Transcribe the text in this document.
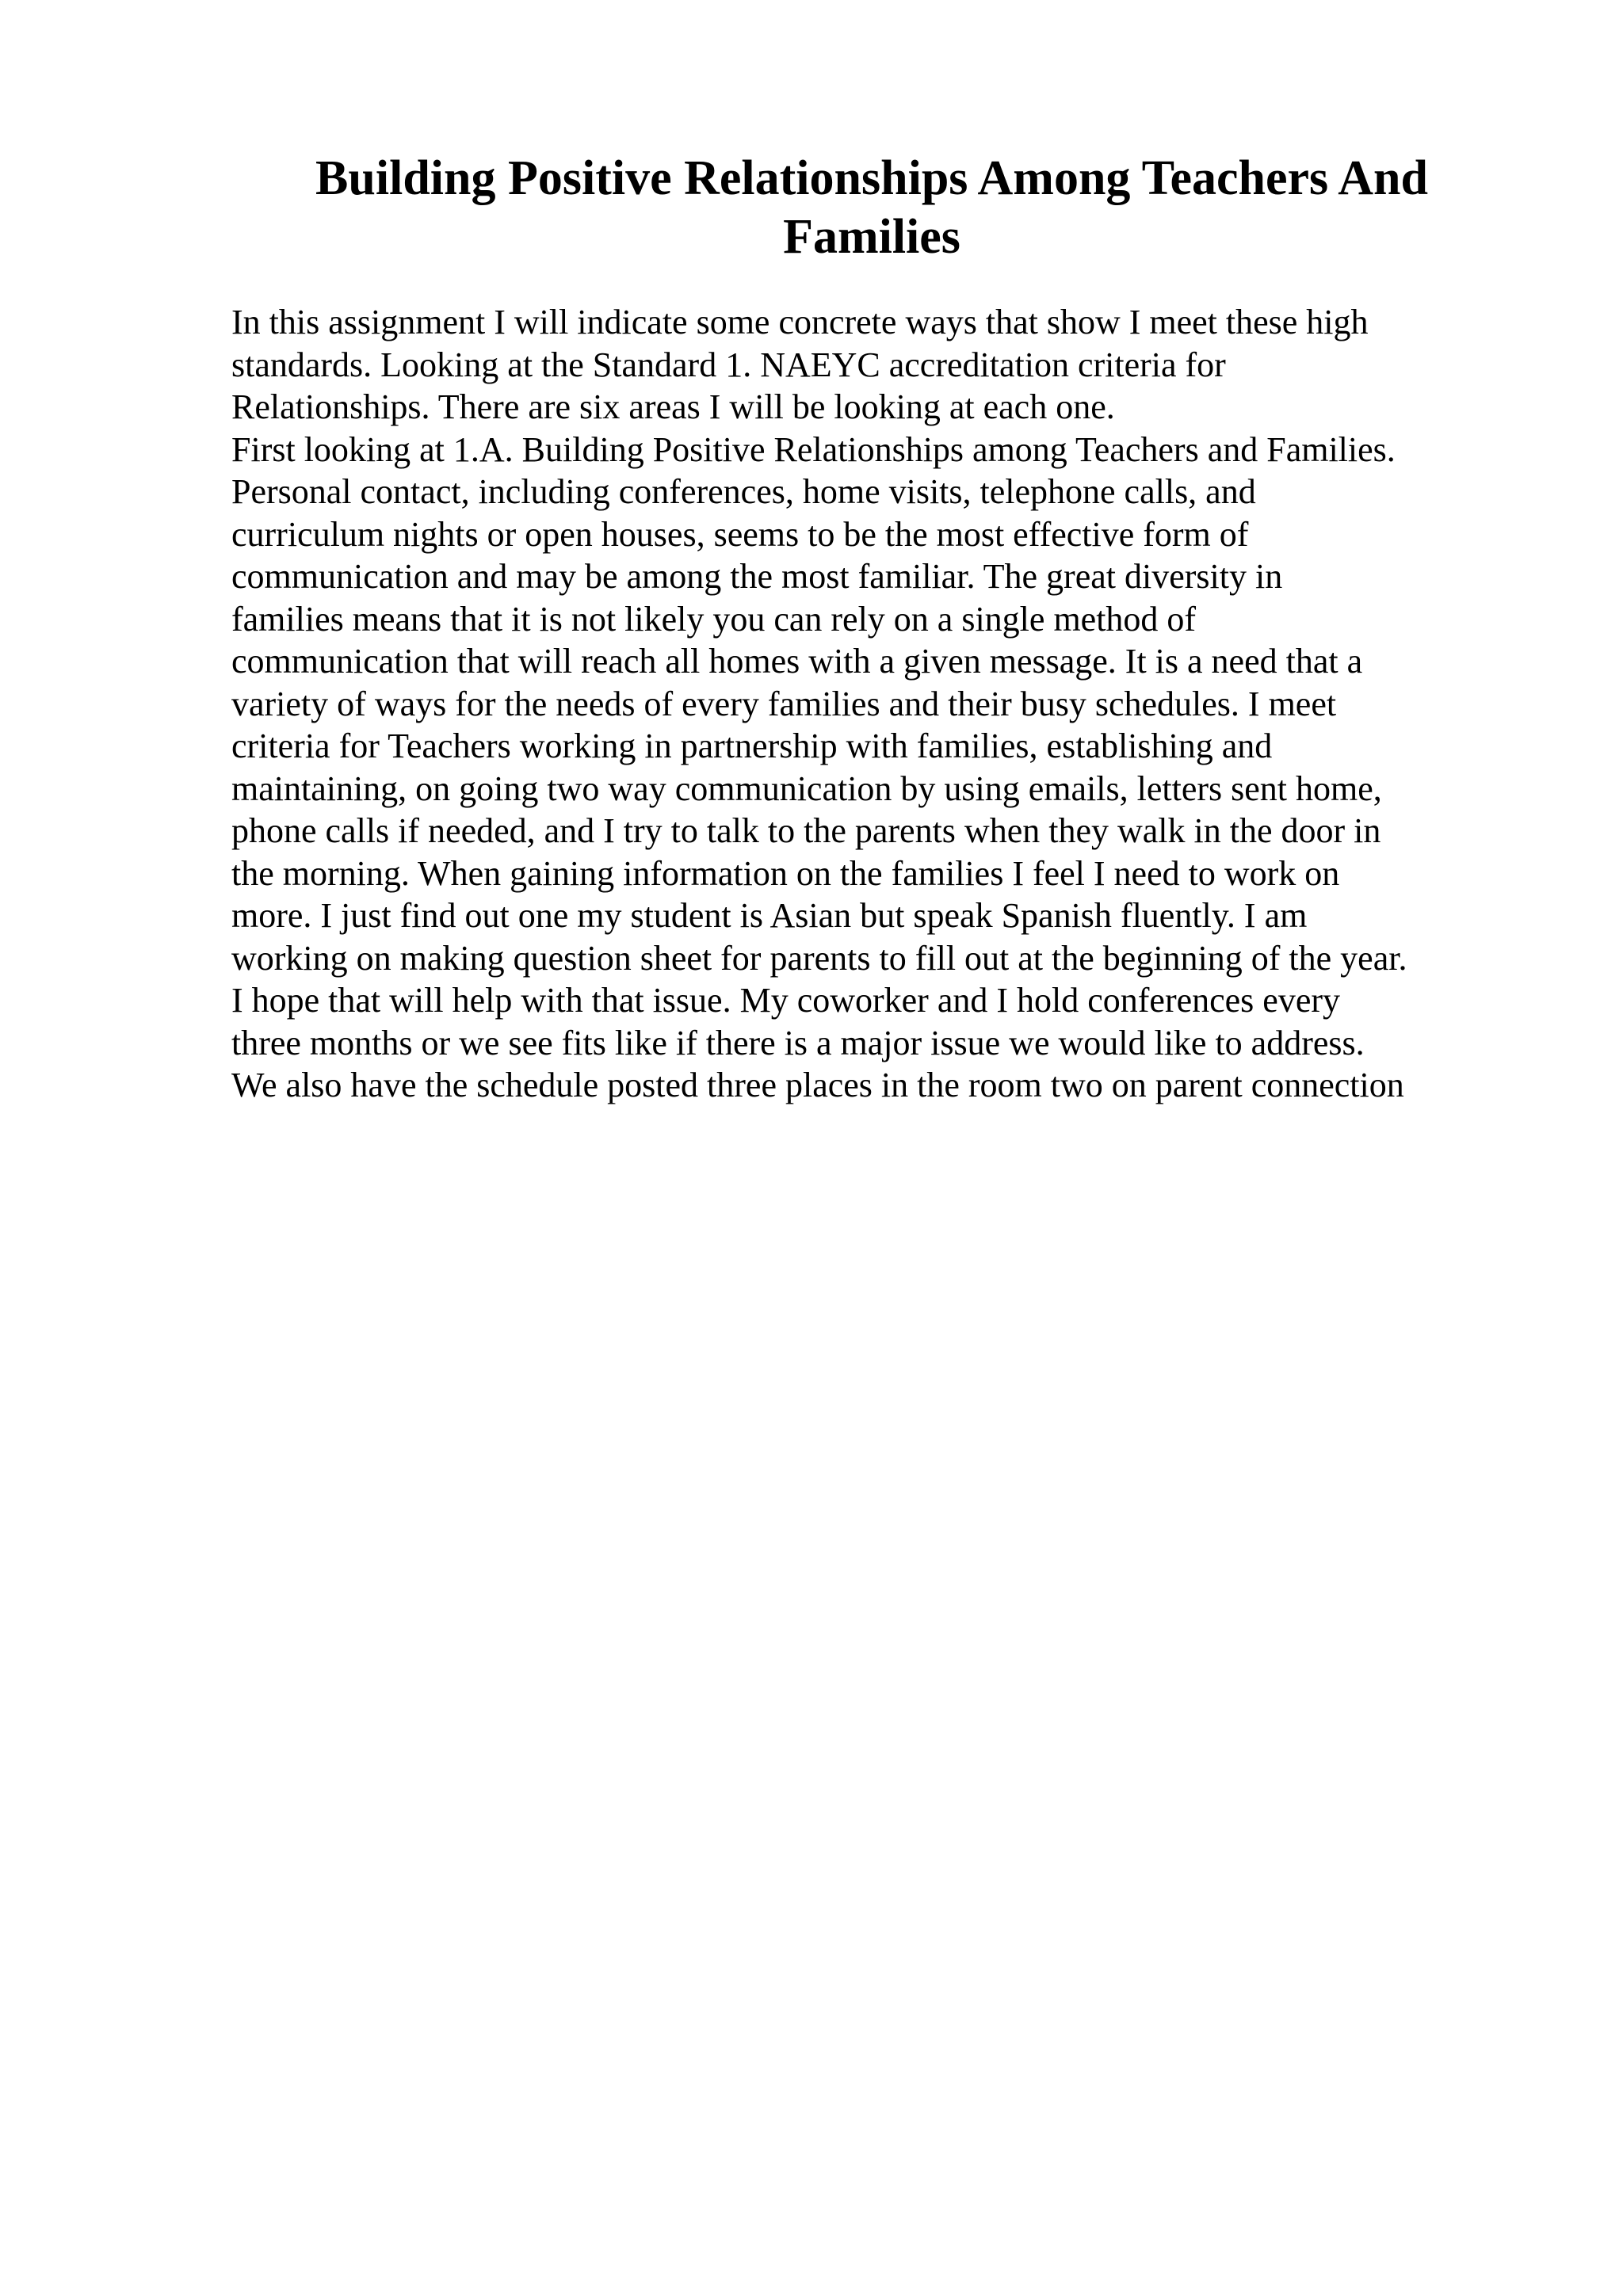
Building Positive Relationships Among Teachers And
Families
In this assignment I will indicate some concrete ways that show I meet these high
standards. Looking at the Standard 1. NAEYC accreditation criteria for
Relationships. There are six areas I will be looking at each one.
First looking at 1.A. Building Positive Relationships among Teachers and Families.
Personal contact, including conferences, home visits, telephone calls, and
curriculum nights or open houses, seems to be the most effective form of
communication and may be among the most familiar. The great diversity in
families means that it is not likely you can rely on a single method of
communication that will reach all homes with a given message. It is a need that a
variety of ways for the needs of every families and their busy schedules. I meet
criteria for Teachers working in partnership with families, establishing and
maintaining, on going two way communication by using emails, letters sent home,
phone calls if needed, and I try to talk to the parents when they walk in the door in
the morning. When gaining information on the families I feel I need to work on
more. I just find out one my student is Asian but speak Spanish fluently. I am
working on making question sheet for parents to fill out at the beginning of the year.
I hope that will help with that issue. My coworker and I hold conferences every
three months or we see fits like if there is a major issue we would like to address.
We also have the schedule posted three places in the room two on parent connection
